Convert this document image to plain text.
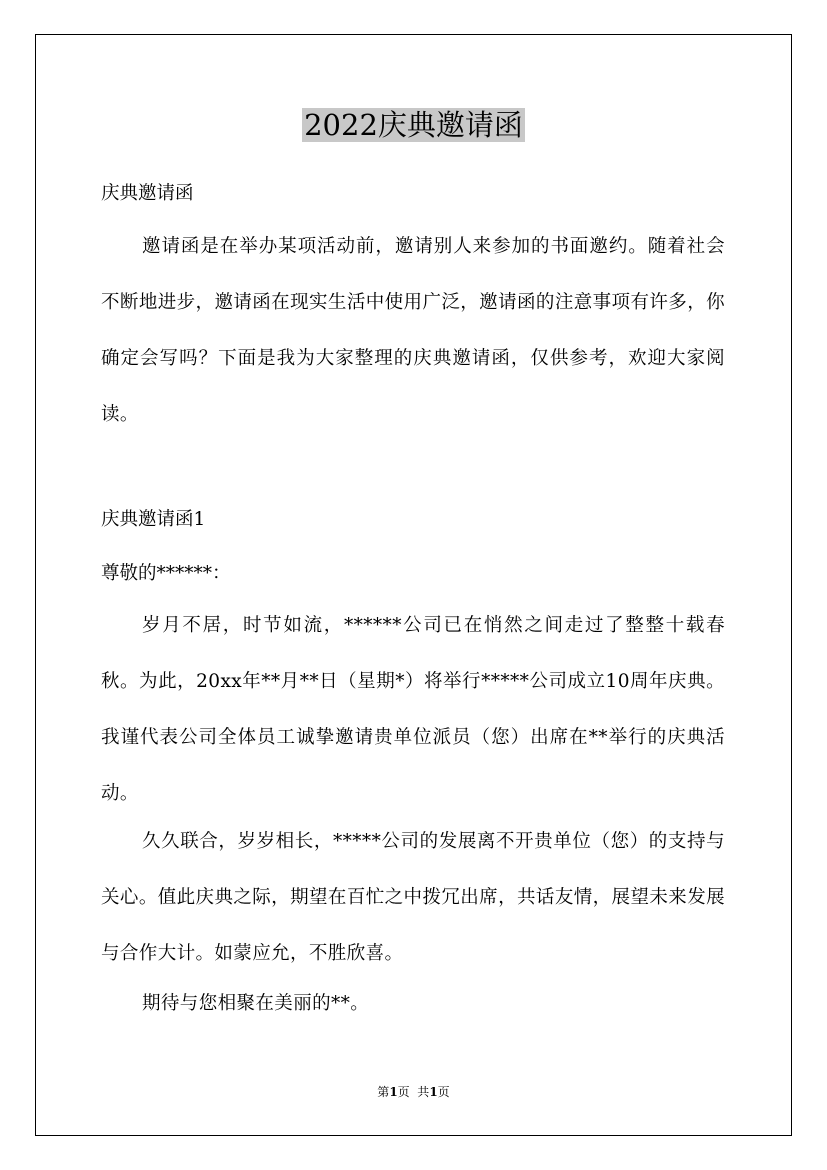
2022庆典邀请函
庆典邀请函
邀请函是在举办某项活动前，邀请别人来参加的书面邀约。随着社会不断地进步，邀请函在现实生活中使用广泛，邀请函的注意事项有许多，你确定会写吗？下面是我为大家整理的庆典邀请函，仅供参考，欢迎大家阅读。
庆典邀请函1
尊敬的******：
岁月不居，时节如流，******公司已在悄然之间走过了整整十载春秋。为此，20xx年**月**日（星期*）将举行*****公司成立10周年庆典。我谨代表公司全体员工诚挚邀请贵单位派员（您）出席在**举行的庆典活动。
久久联合，岁岁相长，*****公司的发展离不开贵单位（您）的支持与关心。值此庆典之际，期望在百忙之中拨冗出席，共话友情，展望未来发展与合作大计。如蒙应允，不胜欣喜。
期待与您相聚在美丽的**。
第1页  共1页
